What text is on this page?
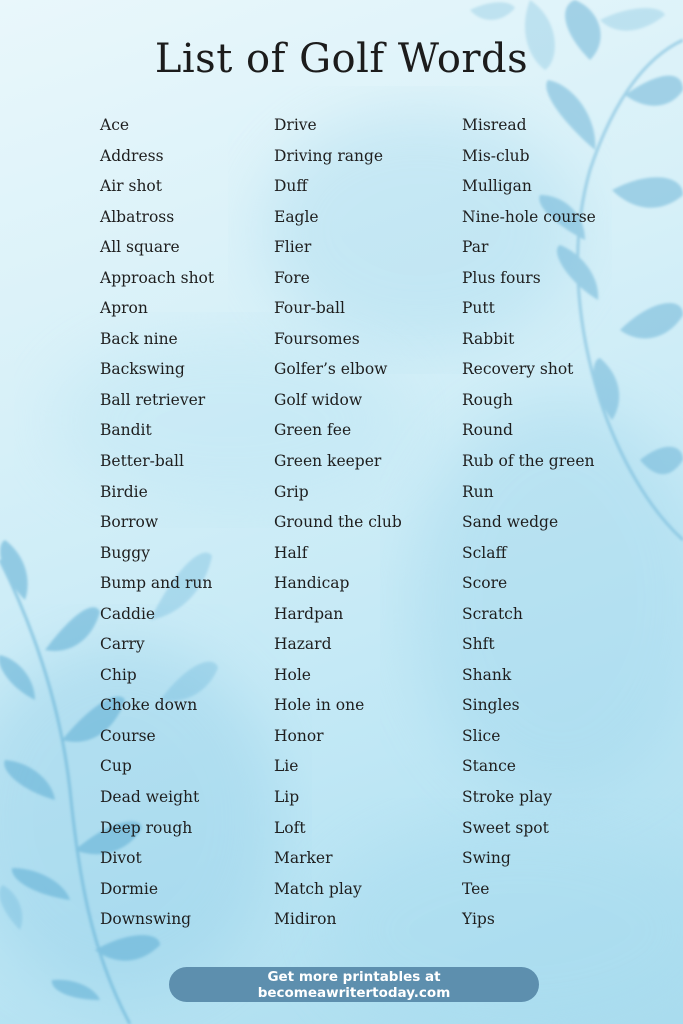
List of Golf Words
Ace
Address
Air shot
Albatross
All square
Approach shot
Apron
Back nine
Backswing
Ball retriever
Bandit
Better-ball
Birdie
Borrow
Buggy
Bump and run
Caddie
Carry
Chip
Choke down
Course
Cup
Dead weight
Deep rough
Divot
Dormie
Downswing
Drive
Driving range
Duff
Eagle
Flier
Fore
Four-ball
Foursomes
Golfer’s elbow
Golf widow
Green fee
Green keeper
Grip
Ground the club
Half
Handicap
Hardpan
Hazard
Hole
Hole in one
Honor
Lie
Lip
Loft
Marker
Match play
Midiron
Misread
Mis-club
Mulligan
Nine-hole course
Par
Plus fours
Putt
Rabbit
Recovery shot
Rough
Round
Rub of the green
Run
Sand wedge
Sclaff
Score
Scratch
Shft
Shank
Singles
Slice
Stance
Stroke play
Sweet spot
Swing
Tee
Yips
Get more printables at becomeawritertoday.com
